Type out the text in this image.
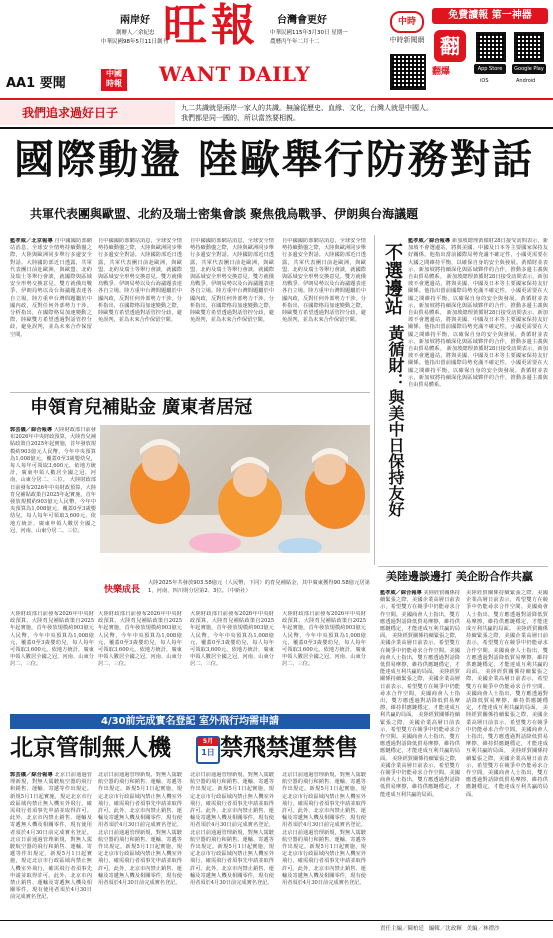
兩岸好
創辦人／余紀忠
中華民國98年5月11日創刊
旺報
WANT DAILY
台灣會更好
中華民國115年3月30日 星期一
農曆丙午年二月十二
AA1 要聞
中國
時報
中時
中時新聞網
免費讀報 第一神器
翻
翻爆	App Store	Google Play
iOS	Android
我們追求過好日子	九二共識就是兩岸一家人的共識。無論從歷史、血緣、文化，台灣人就是中國人。
我們都是同一國的，所以當然要相親。
國際動盪 陸歐舉行防務對話
共軍代表團與歐盟、北約及瑞士密集會談 聚焦俄烏戰爭、伊朗與台海議題
藍孝威／北京報導 自中國國防部網站消息，全球安全情勢持續動盪之際，大陸與歐洲同步舉行多邊安全對話。大陸國防部近日透露，共軍代表團日前赴歐洲，與歐盟、北約及瑞士等舉行會談，就國際與區域安全形勢交換意見。雙方就俄烏戰爭、伊朗局勢以及台海議題表達各自立場。陸方重申台灣問題屬於中國內政，反對任何外部勢力干涉。分析指出，在國際格局加速變動之際，陸歐雙方希望透過對話管控分歧，避免誤判，並為未來合作保留空間。
自中國國防部網站消息，全球安全情勢持續動盪之際，大陸與歐洲同步舉行多邊安全對話。大陸國防部近日透露，共軍代表團日前赴歐洲，與歐盟、北約及瑞士等舉行會談，就國際與區域安全形勢交換意見。雙方就俄烏戰爭、伊朗局勢以及台海議題表達各自立場。陸方重申台灣問題屬於中國內政，反對任何外部勢力干涉。分析指出，在國際格局加速變動之際，陸歐雙方希望透過對話管控分歧，避免誤判，並為未來合作保留空間。
自中國國防部網站消息，全球安全情勢持續動盪之際，大陸與歐洲同步舉行多邊安全對話。大陸國防部近日透露，共軍代表團日前赴歐洲，與歐盟、北約及瑞士等舉行會談，就國際與區域安全形勢交換意見。雙方就俄烏戰爭、伊朗局勢以及台海議題表達各自立場。陸方重申台灣問題屬於中國內政，反對任何外部勢力干涉。分析指出，在國際格局加速變動之際，陸歐雙方希望透過對話管控分歧，避免誤判，並為未來合作保留空間。
自中國國防部網站消息，全球安全情勢持續動盪之際，大陸與歐洲同步舉行多邊安全對話。大陸國防部近日透露，共軍代表團日前赴歐洲，與歐盟、北約及瑞士等舉行會談，就國際與區域安全形勢交換意見。雙方就俄烏戰爭、伊朗局勢以及台海議題表達各自立場。陸方重申台灣問題屬於中國內政，反對任何外部勢力干涉。分析指出，在國際格局加速變動之際，陸歐雙方希望透過對話管控分歧，避免誤判，並為未來合作保留空間。
不選邊站
黃循財：與美中日保持友好
藍孝威／綜合報導 新加坡總理黃循財28日接受訪問表示，新加坡不會選邊站，將與美國、中國及日本等主要國家保持友好關係。他指出當前國際局勢充滿不確定性，小國更需要在大國之間維持平衡，以確保自身的安全與發展。黃循財並表示，新加坡將持續深化與區域夥伴的合作，推動多邊主義與自由貿易體系。 新加坡總理黃循財28日接受訪問表示，新加坡不會選邊站，將與美國、中國及日本等主要國家保持友好關係。他指出當前國際局勢充滿不確定性，小國更需要在大國之間維持平衡，以確保自身的安全與發展。黃循財並表示，新加坡將持續深化與區域夥伴的合作，推動多邊主義與自由貿易體系。 新加坡總理黃循財28日接受訪問表示，新加坡不會選邊站，將與美國、中國及日本等主要國家保持友好關係。他指出當前國際局勢充滿不確定性，小國更需要在大國之間維持平衡，以確保自身的安全與發展。黃循財並表示，新加坡將持續深化與區域夥伴的合作，推動多邊主義與自由貿易體系。 新加坡總理黃循財28日接受訪問表示，新加坡不會選邊站，將與美國、中國及日本等主要國家保持友好關係。他指出當前國際局勢充滿不確定性，小國更需要在大國之間維持平衡，以確保自身的安全與發展。黃循財並表示，新加坡將持續深化與區域夥伴的合作，推動多邊主義與自由貿易體系。
申領育兒補貼金 廣東者居冠
郭芸儀／綜合報導 大陸財政部日前發布2026年中央財政預算，大陸育兒補貼政策自2025年起實施，首年發放規模約903億元人民幣，今年中央預算為1,008億元，覆蓋0至3歲嬰幼兒，每人每年可領取3,600元。依地方統計，廣東申領人數居全國之冠，河南、山東分居二、三位。 大陸財政部日前發布2026年中央財政預算，大陸育兒補貼政策自2025年起實施，首年發放規模約903億元人民幣，今年中央預算為1,008億元，覆蓋0至3歲嬰幼兒，每人每年可領取3,600元。依地方統計，廣東申領人數居全國之冠，河南、山東分居二、三位。
快樂成長
大陸2025年共發放903.58億元（人民幣，下同）的育兒補貼金，其中廣東獲得90.58億元居第1，河南、四川則分居第2、3位。（中新社）
大陸財政部日前發布2026年中央財政預算，大陸育兒補貼政策自2025年起實施，首年發放規模約903億元人民幣，今年中央預算為1,008億元，覆蓋0至3歲嬰幼兒，每人每年可領取3,600元。依地方統計，廣東申領人數居全國之冠，河南、山東分居二、三位。
大陸財政部日前發布2026年中央財政預算，大陸育兒補貼政策自2025年起實施，首年發放規模約903億元人民幣，今年中央預算為1,008億元，覆蓋0至3歲嬰幼兒，每人每年可領取3,600元。依地方統計，廣東申領人數居全國之冠，河南、山東分居二、三位。
大陸財政部日前發布2026年中央財政預算，大陸育兒補貼政策自2025年起實施，首年發放規模約903億元人民幣，今年中央預算為1,008億元，覆蓋0至3歲嬰幼兒，每人每年可領取3,600元。依地方統計，廣東申領人數居全國之冠，河南、山東分居二、三位。
大陸財政部日前發布2026年中央財政預算，大陸育兒補貼政策自2025年起實施，首年發放規模約903億元人民幣，今年中央預算為1,008億元，覆蓋0至3歲嬰幼兒，每人每年可領取3,600元。依地方統計，廣東申領人數居全國之冠，河南、山東分居二、三位。
美陸邊談邊打 美企盼合作共贏
藍孝威／綜合報導 美陸經貿關係持續緊張之際，美國企業高層日前表示，希望雙方在競爭中仍能尋求合作空間。美國商會人士指出，雙方應透過對話降低貿易摩擦，維持供應鏈穩定，才能達成互利共贏的局面。 美陸經貿關係持續緊張之際，美國企業高層日前表示，希望雙方在競爭中仍能尋求合作空間。美國商會人士指出，雙方應透過對話降低貿易摩擦，維持供應鏈穩定，才能達成互利共贏的局面。 美陸經貿關係持續緊張之際，美國企業高層日前表示，希望雙方在競爭中仍能尋求合作空間。美國商會人士指出，雙方應透過對話降低貿易摩擦，維持供應鏈穩定，才能達成互利共贏的局面。 美陸經貿關係持續緊張之際，美國企業高層日前表示，希望雙方在競爭中仍能尋求合作空間。美國商會人士指出，雙方應透過對話降低貿易摩擦，維持供應鏈穩定，才能達成互利共贏的局面。 美陸經貿關係持續緊張之際，美國企業高層日前表示，希望雙方在競爭中仍能尋求合作空間。美國商會人士指出，雙方應透過對話降低貿易摩擦，維持供應鏈穩定，才能達成互利共贏的局面。
美陸經貿關係持續緊張之際，美國企業高層日前表示，希望雙方在競爭中仍能尋求合作空間。美國商會人士指出，雙方應透過對話降低貿易摩擦，維持供應鏈穩定，才能達成互利共贏的局面。 美陸經貿關係持續緊張之際，美國企業高層日前表示，希望雙方在競爭中仍能尋求合作空間。美國商會人士指出，雙方應透過對話降低貿易摩擦，維持供應鏈穩定，才能達成互利共贏的局面。 美陸經貿關係持續緊張之際，美國企業高層日前表示，希望雙方在競爭中仍能尋求合作空間。美國商會人士指出，雙方應透過對話降低貿易摩擦，維持供應鏈穩定，才能達成互利共贏的局面。 美陸經貿關係持續緊張之際，美國企業高層日前表示，希望雙方在競爭中仍能尋求合作空間。美國商會人士指出，雙方應透過對話降低貿易摩擦，維持供應鏈穩定，才能達成互利共贏的局面。 美陸經貿關係持續緊張之際，美國企業高層日前表示，希望雙方在競爭中仍能尋求合作空間。美國商會人士指出，雙方應透過對話降低貿易摩擦，維持供應鏈穩定，才能達成互利共贏的局面。
4/30前完成實名登記 室外飛行均需申請
北京管制無人機	5月
1日 禁飛禁運禁售
郭芸儀／綜合報導 北京日前通過管理新規，對無人駕駛航空器的飛行和銷售、運輸、寄遞等作出規定。新規5月1日起實施，規定北京市行政區域內禁止無人機室外飛行，確需飛行者須事先申請並取得許可。此外，北京市內禁止銷售、運輸及寄遞無人機及相關零件，現有使用者須於4月30日前完成實名登記。 北京日前通過管理新規，對無人駕駛航空器的飛行和銷售、運輸、寄遞等作出規定。新規5月1日起實施，規定北京市行政區域內禁止無人機室外飛行，確需飛行者須事先申請並取得許可。此外，北京市內禁止銷售、運輸及寄遞無人機及相關零件，現有使用者須於4月30日前完成實名登記。
北京日前通過管理新規，對無人駕駛航空器的飛行和銷售、運輸、寄遞等作出規定。新規5月1日起實施，規定北京市行政區域內禁止無人機室外飛行，確需飛行者須事先申請並取得許可。此外，北京市內禁止銷售、運輸及寄遞無人機及相關零件，現有使用者須於4月30日前完成實名登記。 北京日前通過管理新規，對無人駕駛航空器的飛行和銷售、運輸、寄遞等作出規定。新規5月1日起實施，規定北京市行政區域內禁止無人機室外飛行，確需飛行者須事先申請並取得許可。此外，北京市內禁止銷售、運輸及寄遞無人機及相關零件，現有使用者須於4月30日前完成實名登記。
北京日前通過管理新規，對無人駕駛航空器的飛行和銷售、運輸、寄遞等作出規定。新規5月1日起實施，規定北京市行政區域內禁止無人機室外飛行，確需飛行者須事先申請並取得許可。此外，北京市內禁止銷售、運輸及寄遞無人機及相關零件，現有使用者須於4月30日前完成實名登記。 北京日前通過管理新規，對無人駕駛航空器的飛行和銷售、運輸、寄遞等作出規定。新規5月1日起實施，規定北京市行政區域內禁止無人機室外飛行，確需飛行者須事先申請並取得許可。此外，北京市內禁止銷售、運輸及寄遞無人機及相關零件，現有使用者須於4月30日前完成實名登記。
北京日前通過管理新規，對無人駕駛航空器的飛行和銷售、運輸、寄遞等作出規定。新規5月1日起實施，規定北京市行政區域內禁止無人機室外飛行，確需飛行者須事先申請並取得許可。此外，北京市內禁止銷售、運輸及寄遞無人機及相關零件，現有使用者須於4月30日前完成實名登記。 北京日前通過管理新規，對無人駕駛航空器的飛行和銷售、運輸、寄遞等作出規定。新規5月1日起實施，規定北京市行政區域內禁止無人機室外飛行，確需飛行者須事先申請並取得許可。此外，北京市內禁止銷售、運輸及寄遞無人機及相關零件，現有使用者須於4月30日前完成實名登記。
責任主編／陳柏廷 編輯／沈政輝 美編／林禮沙
